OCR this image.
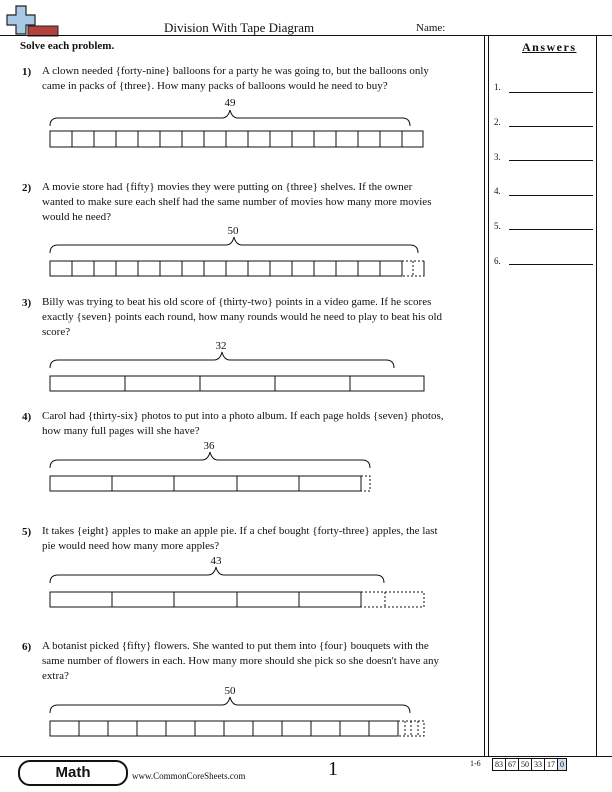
Division With Tape Diagram	Name:
Solve each problem.	Answers
1.
2.
3.
4.
5.
6.
1) A clown needed {forty-nine} balloons for a party he was going to, but the balloons only
came in packs of {three}. How many packs of balloons would he need to buy?
49
2) A movie store had {fifty} movies they were putting on {three} shelves. If the owner
wanted to make sure each shelf had the same number of movies how many more movies
would he need?
50
3) Billy was trying to beat his old score of {thirty-two} points in a video game. If he scores
exactly {seven} points each round, how many rounds would he need to play to beat his old
score?
32
4) Carol had {thirty-six} photos to put into a photo album. If each page holds {seven} photos,
how many full pages will she have?
36
5) It takes {eight} apples to make an apple pie. If a chef bought {forty-three} apples, the last
pie would need how many more apples?
43
6) A botanist picked {fifty} flowers. She wanted to put them into {four} bouquets with the
same number of flowers in each. How many more should she pick so she doesn't have any
extra?
50
Math	www.CommonCoreSheets.com	1	1-6	83 67 50 33 17 0
